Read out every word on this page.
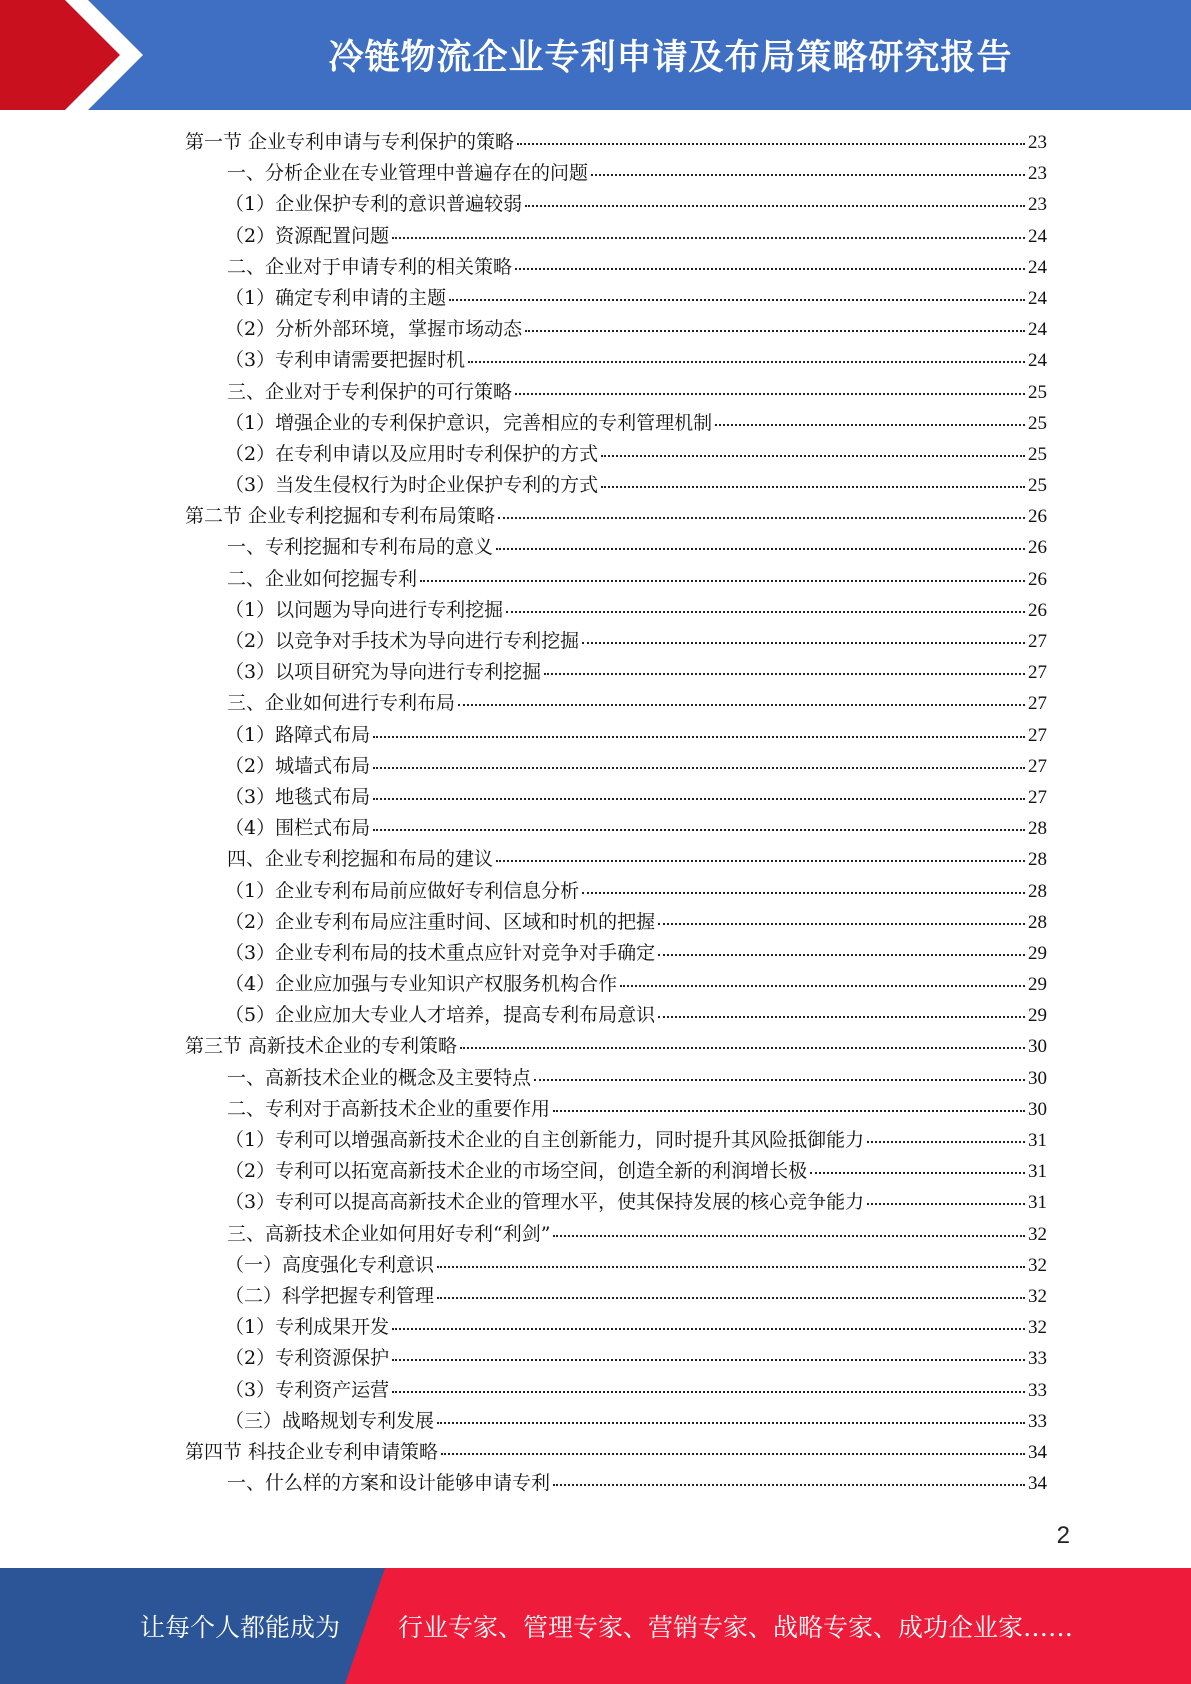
冷链物流企业专利申请及布局策略研究报告
第一节 企业专利申请与专利保护的策略	23
一、分析企业在专业管理中普遍存在的问题	23
（1）企业保护专利的意识普遍较弱	23
（2）资源配置问题	24
二、企业对于申请专利的相关策略	24
（1）确定专利申请的主题	24
（2）分析外部环境，掌握市场动态	24
（3）专利申请需要把握时机	24
三、企业对于专利保护的可行策略	25
（1）增强企业的专利保护意识，完善相应的专利管理机制	25
（2）在专利申请以及应用时专利保护的方式	25
（3）当发生侵权行为时企业保护专利的方式	25
第二节 企业专利挖掘和专利布局策略	26
一、专利挖掘和专利布局的意义	26
二、企业如何挖掘专利	26
（1）以问题为导向进行专利挖掘	26
（2）以竞争对手技术为导向进行专利挖掘	27
（3）以项目研究为导向进行专利挖掘	27
三、企业如何进行专利布局	27
（1）路障式布局	27
（2）城墙式布局	27
（3）地毯式布局	27
（4）围栏式布局	28
四、企业专利挖掘和布局的建议	28
（1）企业专利布局前应做好专利信息分析	28
（2）企业专利布局应注重时间、区域和时机的把握	28
（3）企业专利布局的技术重点应针对竞争对手确定	29
（4）企业应加强与专业知识产权服务机构合作	29
（5）企业应加大专业人才培养，提高专利布局意识	29
第三节 高新技术企业的专利策略	30
一、高新技术企业的概念及主要特点	30
二、专利对于高新技术企业的重要作用	30
（1）专利可以增强高新技术企业的自主创新能力，同时提升其风险抵御能力	31
（2）专利可以拓宽高新技术企业的市场空间，创造全新的利润增长极	31
（3）专利可以提高高新技术企业的管理水平，使其保持发展的核心竞争能力	31
三、高新技术企业如何用好专利“利剑”	32
（一）高度强化专利意识	32
（二）科学把握专利管理	32
（1）专利成果开发	32
（2）专利资源保护	33
（3）专利资产运营	33
（三）战略规划专利发展	33
第四节 科技企业专利申请策略	34
一、什么样的方案和设计能够申请专利	34
2
让每个人都能成为	行业专家、管理专家、营销专家、战略专家、成功企业家……
